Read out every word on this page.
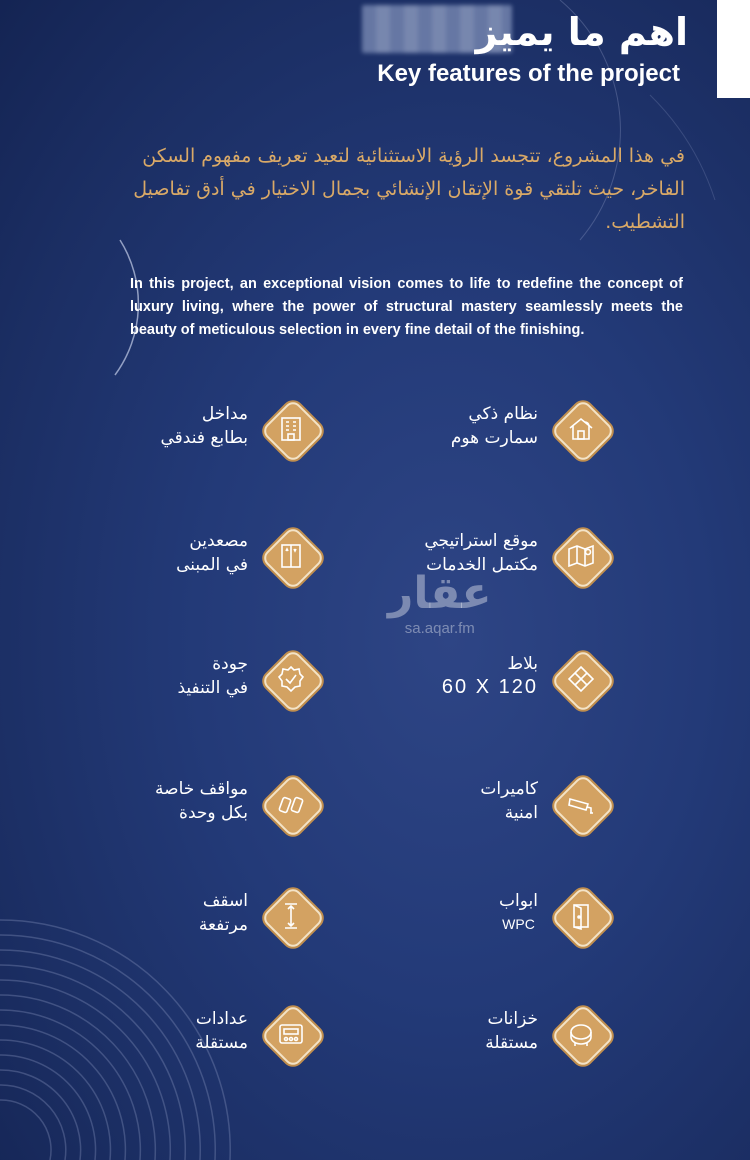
اهم ما يميز
Key features of the project

في هذا المشروع، تتجسد الرؤية الاستثنائية لتعيد تعريف مفهوم السكن الفاخر، حيث تلتقي قوة الإتقان الإنشائي بجمال الاختيار في أدق تفاصيل التشطيب.

In this project, an exceptional vision comes to life to redefine the concept of luxury living, where the power of structural mastery seamlessly meets the beauty of meticulous selection in every fine detail of the finishing.

نظام ذكي
سمارت هوم
موقع استراتيجي
مكتمل الخدمات
بلاط
60 X 120
كاميرات
امنية
ابواب
WPC
خزانات
مستقلة
مداخل
بطابع فندقي
مصعدين
في المبنى
جودة
في التنفيذ
مواقف خاصة
بكل وحدة
اسقف
مرتفعة
عدادات
مستقلة
عقار
sa.aqar.fm
